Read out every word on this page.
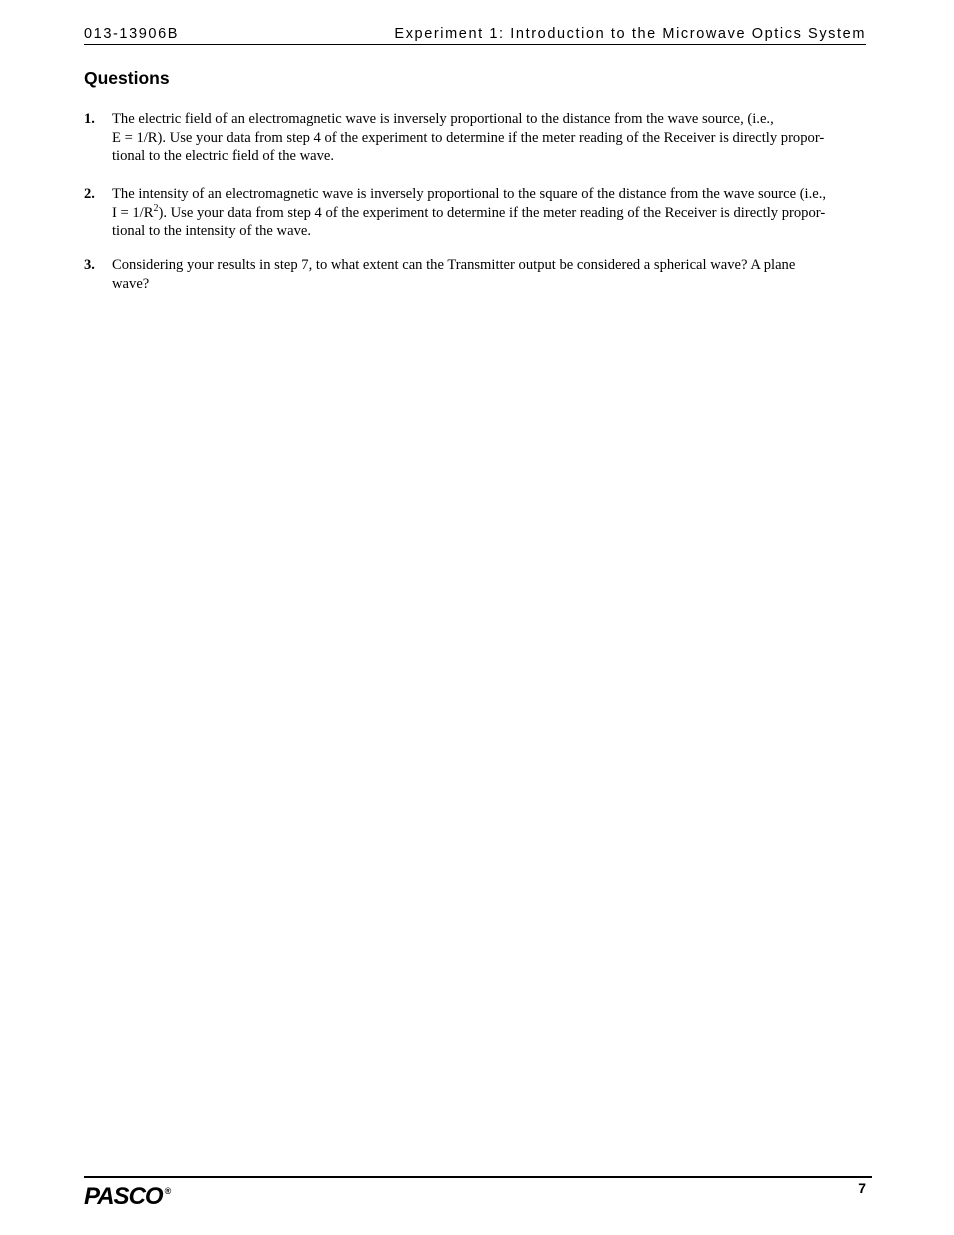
013-13906B	Experiment 1: Introduction to the Microwave Optics System
Questions
1. The electric field of an electromagnetic wave is inversely proportional to the distance from the wave source, (i.e.,
E = 1/R). Use your data from step 4 of the experiment to determine if the meter reading of the Receiver is directly propor-
tional to the electric field of the wave.
2. The intensity of an electromagnetic wave is inversely proportional to the square of the distance from the wave source (i.e.,
$I = 1/R^2$). Use your data from step 4 of the experiment to determine if the meter reading of the Receiver is directly propor-
tional to the intensity of the wave.
3. Considering your results in step 7, to what extent can the Transmitter output be considered a spherical wave? A plane
wave?
PASCO ®	7
